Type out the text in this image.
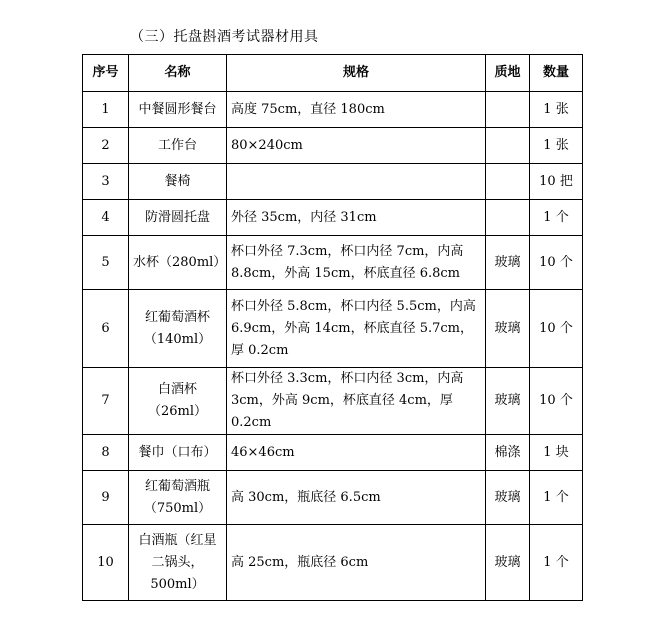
（三）托盘斟酒考试器材用具
序号	名称	规格	质地	数量
1	中餐圆形餐台	高度 75cm，直径 180cm		1 张
2	工作台	80×240cm		1 张
3	餐椅			10 把
4	防滑圆托盘	外径 35cm，内径 31cm		1 个
5	水杯（280ml）	杯口外径 7.3cm，杯口内径 7cm，内高 8.8cm，外高 15cm，杯底直径 6.8cm	玻璃	10 个
6	红葡萄酒杯（140ml）	杯口外径 5.8cm，杯口内径 5.5cm，内高 6.9cm，外高 14cm，杯底直径 5.7cm，厚 0.2cm	玻璃	10 个
7	白酒杯（26ml）	杯口外径 3.3cm，杯口内径 3cm，内高 3cm，外高 9cm，杯底直径 4cm，厚 0.2cm	玻璃	10 个
8	餐巾（口布）	46×46cm	棉涤	1 块
9	红葡萄酒瓶（750ml）	高 30cm，瓶底径 6.5cm	玻璃	1 个
10	白酒瓶（红星二锅头，500ml）	高 25cm，瓶底径 6cm	玻璃	1 个
